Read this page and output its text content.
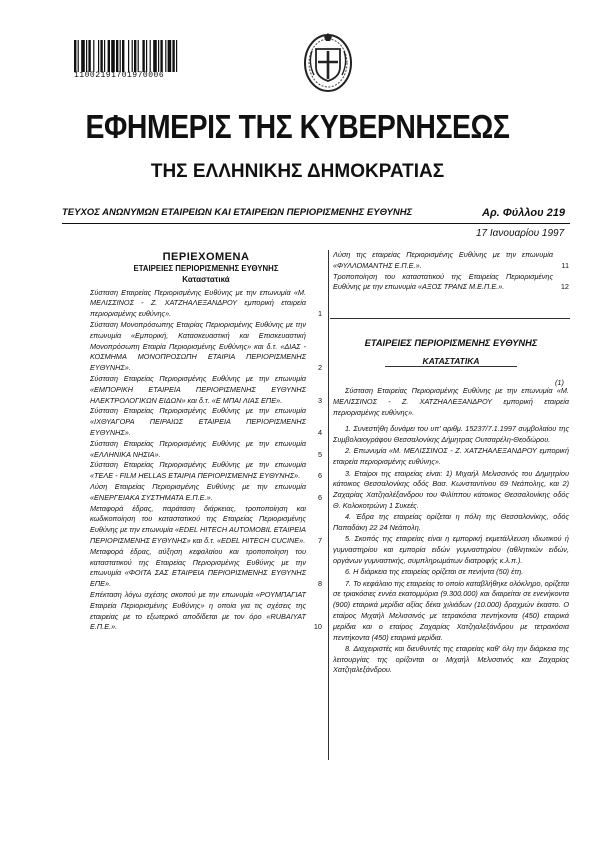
11002191701970006
ΕΦΗΜΕΡΙΣ ΤΗΣ ΚΥΒΕΡΝΗΣΕΩΣ
ΤΗΣ ΕΛΛΗΝΙΚΗΣ ΔΗΜΟΚΡΑΤΙΑΣ
ΤΕΥΧΟΣ ΑΝΩΝΥΜΩΝ ΕΤΑΙΡΕΙΩΝ ΚΑΙ ΕΤΑΙΡΕΙΩΝ ΠΕΡΙΟΡΙΣΜΕΝΗΣ ΕΥΘΥΝΗΣ	Αρ. Φύλλου 219
17 Ιανουαρίου 1997
ΠΕΡΙΕΧΟΜΕΝΑ
ΕΤΑΙΡΕΙΕΣ ΠΕΡΙΟΡΙΣΜΕΝΗΣ ΕΥΘΥΝΗΣ
Καταστατικά
Σύσταση Εταιρείας Περιορισμένης Ευθύνης με την επωνυμία «Μ. ΜΕΛΙΣΣΙΝΟΣ - Ζ. ΧΑΤΖΗΑΛΕΞΑΝΔΡΟΥ εμπορική εταιρεία περιορισμένης ευθύνης».	1
Σύσταση Μονοπρόσωπης Εταιρίας Περιορισμένης Ευθύνης με την επωνυμία «Εμπορική, Κατασκευαστική και Επισκευαστική Μονοπρόσωπη Εταιρία Περιορισμένης Ευθύνης» και δ.τ. «ΔΙΑΣ - ΚΟΣΜΗΜΑ ΜΟΝΟΠΡΟΣΩΠΗ ΕΤΑΙΡΙΑ ΠΕΡΙΟΡΙΣΜΕΝΗΣ ΕΥΘΥΝΗΣ».	2
Σύσταση Εταιρείας Περιορισμένης Ευθύνης με την επωνυμία «ΕΜΠΟΡΙΚΗ ΕΤΑΙΡΕΙΑ ΠΕΡΙΟΡΙΣΜΕΝΗΣ ΕΥΘΥΝΗΣ ΗΛΕΚΤΡΟΛΟΓΙΚΩΝ ΕΙΔΩΝ» και δ.τ. «Ε ΜΠΑΙ ΛΙΑΣ ΕΠΕ».	3
Σύσταση Εταιρείας Περιορισμένης Ευθύνης με την επωνυμία «ΙΧΘΥΑΓΟΡΑ ΠΕΙΡΑΙΩΣ ΕΤΑΙΡΕΙΑ ΠΕΡΙΟΡΙΣΜΕΝΗΣ ΕΥΘΥΝΗΣ».	4
Σύσταση Εταιρείας Περιορισμένης Ευθύνης με την επωνυμία «ΕΛΛΗΝΙΚΑ ΝΗΣΙΑ».	5
Σύσταση Εταιρείας Περιορισμένης Ευθύνης με την επωνυμία «ΤΕΛΕ - FILM HELLAS ΕΤΑΙΡΙΑ ΠΕΡΙΟΡΙΣΜΕΝΗΣ ΕΥΘΥΝΗΣ». 6
Λύση Εταιρείας Περιορισμένης Ευθύνης με την επωνυμία «ΕΝΕΡΓΕΙΑΚΑ ΣΥΣΤΗΜΑΤΑ Ε.Π.Ε.».	6
Μεταφορά έδρας, παράταση διάρκειας, τροποποίηση και κωδικοποίηση του καταστατικού της Εταιρείας Περιορισμένης Ευθύνης με την επωνυμία «EDEL HITECH AUTOMOBIL ΕΤΑΙΡΕΙΑ ΠΕΡΙΟΡΙΣΜΕΝΗΣ ΕΥΘΥΝΗΣ» και δ.τ. «EDEL HITECH CUCINE». 7
Μεταφορά έδρας, αύξηση κεφαλαίου και τροποποίηση του καταστατικού της Εταιρείας Περιορισμένης Ευθύνης με την επωνυμία «ΦΟΙΤΑ ΣΑΣ ΕΤΑΙΡΕΙΑ ΠΕΡΙΟΡΙΣΜΕΝΗΣ ΕΥΘΥΝΗΣ ΕΠΕ».	8
Επέκταση λόγω σχέσης σκοπού με την επωνυμία «ΡΟΥΜΠΑΓΙΑΤ Εταιρεία Περιορισμένης Ευθύνης» η οποία για τις σχέσεις της εταιρείας με το εξωτερικό αποδίδεται με τον όρο «RUBAIYAT Ε.Π.Ε.».	10
Λύση της εταιρείας Περιορισμένης Ευθύνης με την επωνυμία «ΦΥΛΛΟΜΑΝΤΗΣ Ε.Π.Ε.».	11
Τροποποίηση του καταστατικού της Εταιρείας Περιορισμένης Ευθύνης με την επωνυμία «ΑΞΟΣ ΤΡΑΝΣ Μ.Ε.Π.Ε.».	12
ΕΤΑΙΡΕΙΕΣ ΠΕΡΙΟΡΙΣΜΕΝΗΣ ΕΥΘΥΝΗΣ
ΚΑΤΑΣΤΑΤΙΚΑ
(1)
Σύσταση Εταιρείας Περιορισμένης Ευθύνης με την επωνυμία «Μ. ΜΕΛΙΣΣΙΝΟΣ - Ζ. ΧΑΤΖΗΑΛΕΞΑΝΔΡΟΥ εμπορική εταιρεία περιορισμένης ευθύνης».
1. Συνεστήθη δυνάμει του υπ' αριθμ. 15237/7.1.1997 συμβολαίου της Συμβολαιογράφου Θεσσαλονίκης Δήμητρας Ουτσαρέλη-Θεοδώρου.
2. Επωνυμία «Μ. ΜΕΛΙΣΣΙΝΟΣ - Ζ. ΧΑΤΖΗΑΛΕΞΑΝΔΡΟΥ εμπορική εταιρεία περιορισμένης ευθύνης».
3. Εταίροι της εταιρείας είναι: 1) Μιχαήλ Μελισσινός του Δημητρίου κάτοικος Θεσσαλονίκης οδός Βασ. Κωνσταντίνου 69 Νεάπολης, και 2) Ζαχαρίας Χατζηαλέξανδρου του Φιλίππου κάτοικος Θεσσαλονίκης οδός Θ. Κολοκοτρώνη 1 Συκεές.
4. Έδρα της εταιρείας ορίζεται η πόλη της Θεσσαλονίκης, οδός Παπαδάκη 22 24 Νεάπολη.
5. Σκοπός της εταιρείας είναι η εμπορική εκμετάλλευση ιδιωτικού ή γυμναστηρίου και εμπορία ειδών γυμναστηρίου (αθλητικών ειδών, οργάνων γυμναστικής, συμπληρωμάτων διατροφής κ.λ.π.).
6. Η διάρκεια της εταιρείας ορίζεται σε πενήντα (50) έτη.
7. Το κεφάλαιο της εταιρείας το οποίο καταβλήθηκε ολόκληρο, ορίζεται σε τριακόσιες εννέα εκατομμύρια (9.300.000) και διαιρείται σε ενενήκοντα (900) εταιρικά μερίδια αξίας δέκα χιλιάδων (10.000) δραχμών έκαστο. Ο εταίρος Μιχαήλ Μελισσινός με τετρακόσια πεντήκοντα (450) εταιρικά μερίδια και ο εταίρος Ζαχαρίας Χατζηαλεξάνδρου με τετρακόσια πεντήκοντα (450) εταιρικά μερίδια.
8. Διαχειριστές και διευθυντές της εταιρείας καθ' όλη την διάρκεια της λειτουργίας της ορίζονται οι Μιχαήλ Μελισσινός και Ζαχαρίας Χατζηαλεξάνδρου.
